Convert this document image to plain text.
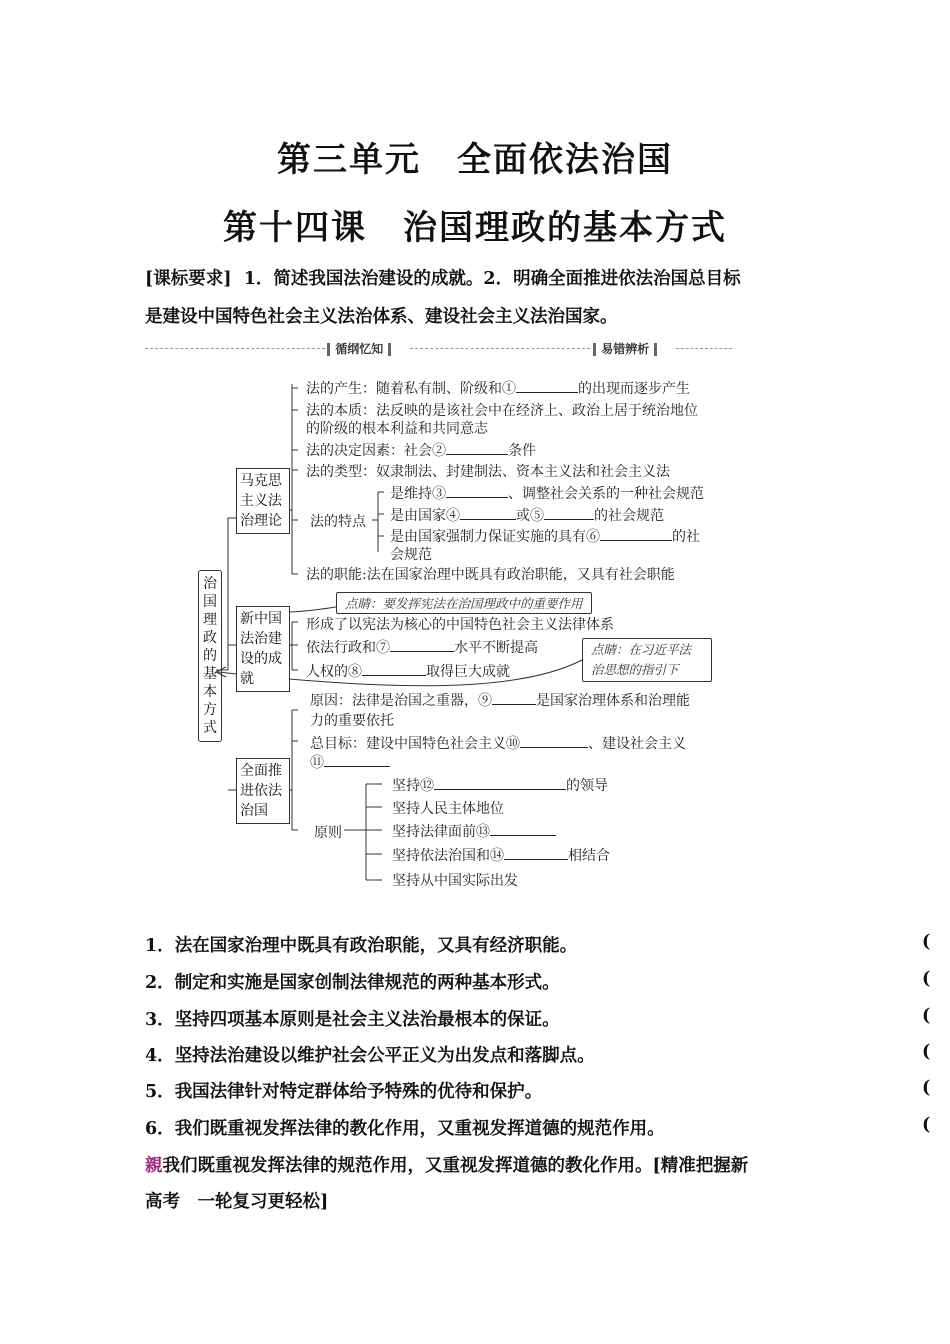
第三单元　全面依法治国
第十四课　治国理政的基本方式
[课标要求] 1．简述我国法治建设的成就。2．明确全面推进依法治国总目标
是建设中国特色社会主义法治体系、建设社会主义法治国家。
循纲忆知	易错辨析
治国理政的基本方式
马克思主义法治理论
新中国法治建设的成就
全面推进依法治国
法的产生：随着私有制、阶级和①	的出现而逐步产生
法的本质：法反映的是该社会中在经济上、政治上居于统治地位
的阶级的根本利益和共同意志
法的决定因素：社会②	条件
法的类型：奴隶制法、封建制法、资本主义法和社会主义法
法的特点
是维持③	、调整社会关系的一种社会规范
是由国家④	或⑤	的社会规范
是由国家强制力保证实施的具有⑥	的社
会规范
法的职能:法在国家治理中既具有政治职能，又具有社会职能
点睛：要发挥宪法在治国理政中的重要作用
形成了以宪法为核心的中国特色社会主义法律体系
依法行政和⑦	水平不断提高
人权的⑧	取得巨大成就
点睛：在习近平法治思想的指引下
原因：法律是治国之重器，⑨	是国家治理体系和治理能
力的重要依托
总目标：建设中国特色社会主义⑩	、建设社会主义
⑪
原则
坚持⑫	的领导
坚持人民主体地位
坚持法律面前⑬
坚持依法治国和⑭	相结合
坚持从中国实际出发
1．法在国家治理中既具有政治职能，又具有经济职能。	(
2．制定和实施是国家创制法律规范的两种基本形式。	(
3．坚持四项基本原则是社会主义法治最根本的保证。	(
4．坚持法治建设以维护社会公平正义为出发点和落脚点。	(
5．我国法律针对特定群体给予特殊的优待和保护。	(
6．我们既重视发挥法律的教化作用，又重视发挥道德的规范作用。	(
親我们既重视发挥法律的规范作用，又重视发挥道德的教化作用。[精准把握新
高考　一轮复习更轻松]
